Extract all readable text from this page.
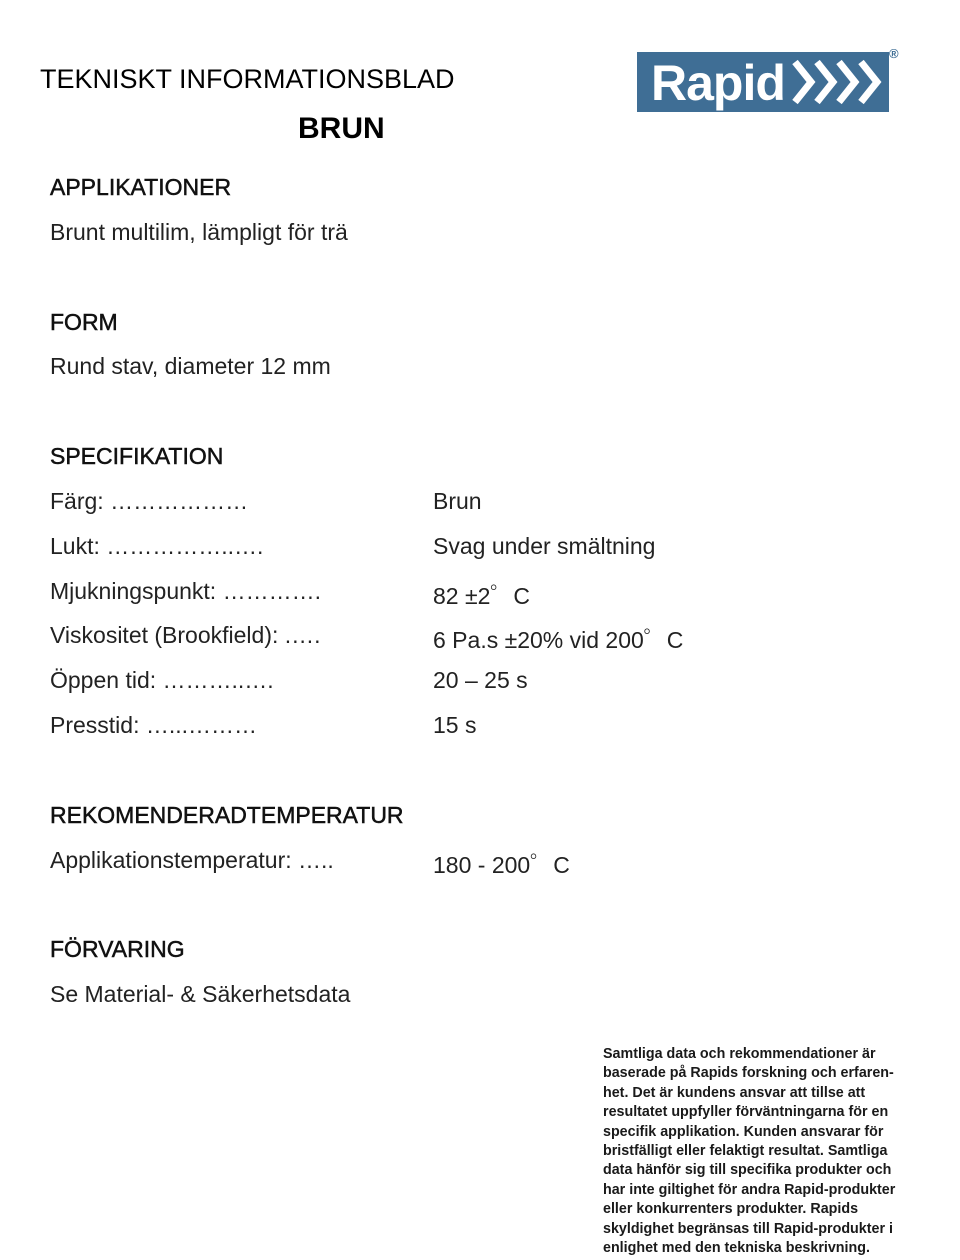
TEKNISKT INFORMATIONSBLAD
BRUN
Rapid
®
APPLIKATIONER
Brunt multilim, lämpligt för trä
FORM
Rund stav, diameter 12 mm
SPECIFIKATION
Färg: ………………	Brun
Lukt: ……………..….	Svag under smältning
Mjukningspunkt: ………….	82 ±2゜C
Viskositet (Brookfield): .….	6 Pa.s ±20% vid 200゜C
Öppen tid: ………..….	20 – 25 s
Presstid: …...………	15 s
REKOMENDERADTEMPERATUR
Applikationstemperatur: …..	180 - 200゜C
FÖRVARING
Se Material- & Säkerhetsdata
Samtliga data och rekommendationer är
baserade på Rapids forskning och erfaren-
het. Det är kundens ansvar att tillse att
resultatet uppfyller förväntningarna för en
specifik applikation. Kunden ansvarar för
bristfälligt eller felaktigt resultat. Samtliga
data hänför sig till specifika produkter och
har inte giltighet för andra Rapid-produkter
eller konkurrenters produkter. Rapids
skyldighet begränsas till Rapid-produkter i
enlighet med den tekniska beskrivning.
